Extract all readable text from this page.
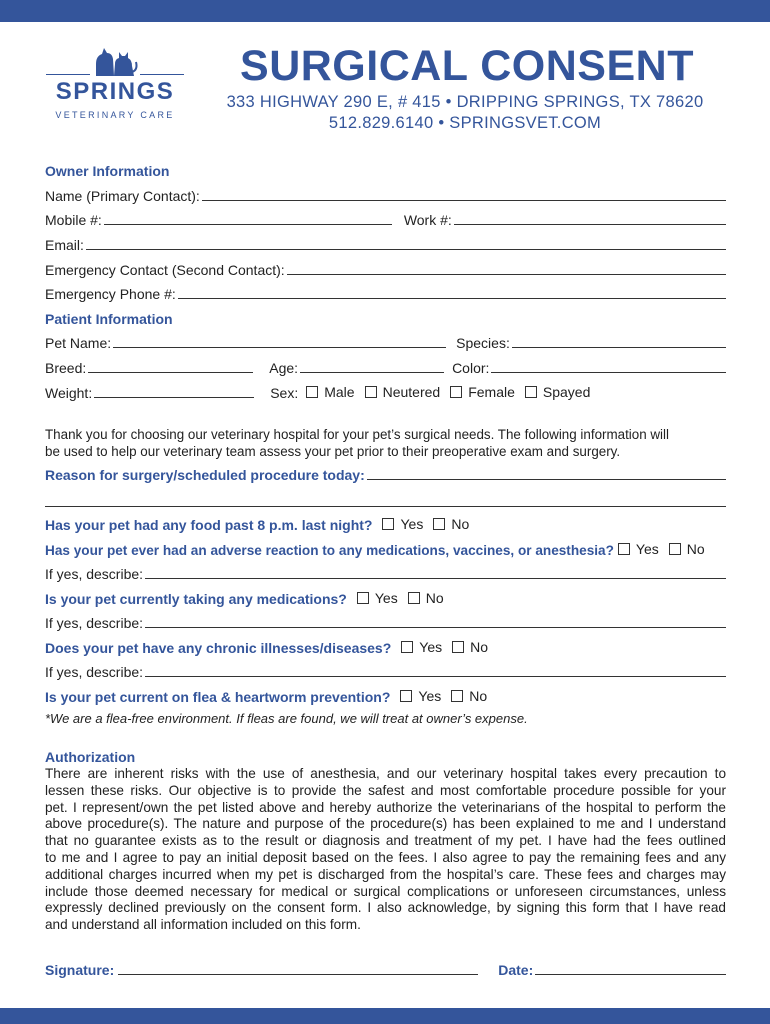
SPRINGS
VETERINARY CARE
SURGICAL CONSENT
333 HIGHWAY 290 E, # 415 • DRIPPING SPRINGS, TX 78620
512.829.6140 • SPRINGSVET.COM
Owner Information
Name (Primary Contact):
Mobile #:	Work #:
Email:
Emergency Contact (Second Contact):
Emergency Phone #:
Patient Information
Pet Name:	Species:
Breed:	Age:	Color:
Weight:	Sex: Male Neutered Female Spayed
Thank you for choosing our veterinary hospital for your pet’s surgical needs. The following information will
be used to help our veterinary team assess your pet prior to their preoperative exam and surgery.
Reason for surgery/scheduled procedure today:
Has your pet had any food past 8 p.m. last night? Yes No
Has your pet ever had an adverse reaction to any medications, vaccines, or anesthesia? Yes No
If yes, describe:
Is your pet currently taking any medications? Yes No
If yes, describe:
Does your pet have any chronic illnesses/diseases? Yes No
If yes, describe:
Is your pet current on flea & heartworm prevention? Yes No
*We are a flea-free environment. If fleas are found, we will treat at owner’s expense.
Authorization
There are inherent risks with the use of anesthesia, and our veterinary hospital takes every precaution to
lessen these risks. Our objective is to provide the safest and most comfortable procedure possible for your
pet. I represent/own the pet listed above and hereby authorize the veterinarians of the hospital to perform the
above procedure(s). The nature and purpose of the procedure(s) has been explained to me and I understand
that no guarantee exists as to the result or diagnosis and treatment of my pet. I have had the fees outlined
to me and I agree to pay an initial deposit based on the fees. I also agree to pay the remaining fees and any
additional charges incurred when my pet is discharged from the hospital’s care. These fees and charges may
include those deemed necessary for medical or surgical complications or unforeseen circumstances, unless
expressly declined previously on the consent form. I also acknowledge, by signing this form that I have read
and understand all information included on this form.
Signature:	Date:
